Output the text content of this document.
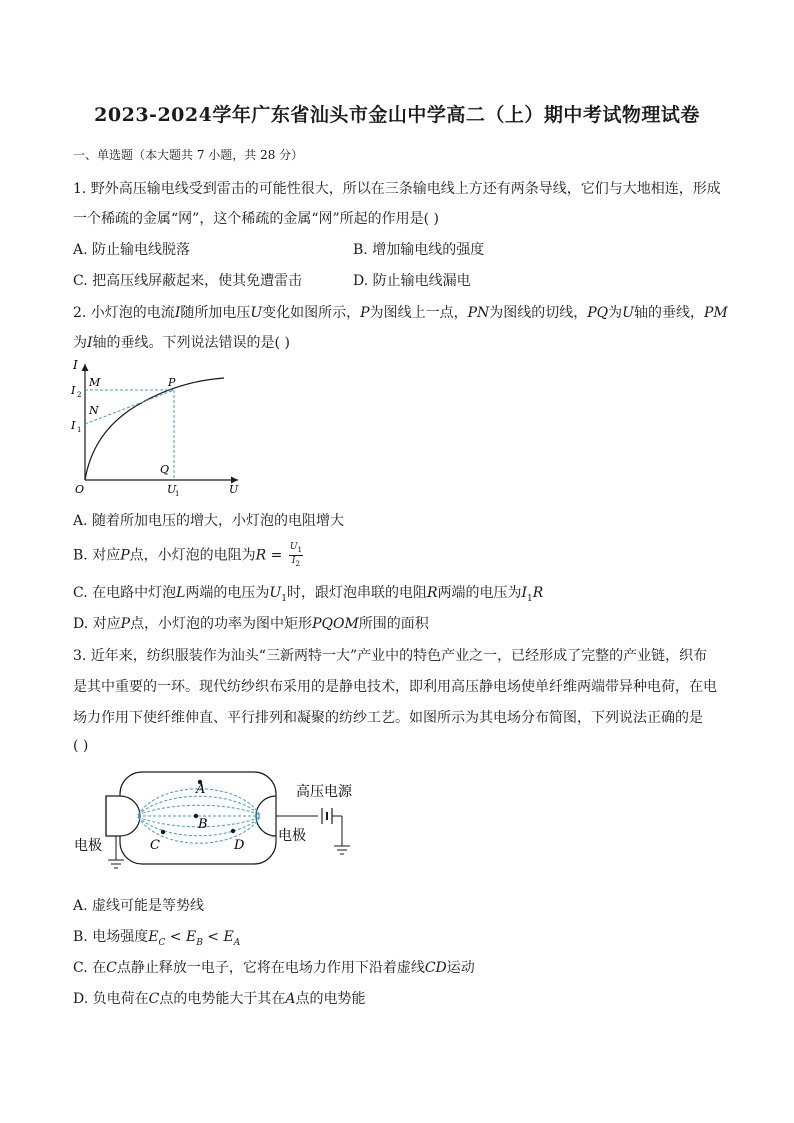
2023-2024学年广东省汕头市金山中学高二（上）期中考试物理试卷
一、单选题（本大题共 7 小题，共 28 分）
1. 野外高压输电线受到雷击的可能性很大，所以在三条输电线上方还有两条导线，它们与大地相连，形成
一个稀疏的金属“网”，这个稀疏的金属“网”所起的作用是( )
A. 防止输电线脱落	B. 增加输电线的强度
C. 把高压线屏蔽起来，使其免遭雷击	D. 防止输电线漏电
2. 小灯泡的电流I随所加电压U变化如图所示，P为图线上一点，PN为图线的切线，PQ为U轴的垂线，PM
为I轴的垂线。下列说法错误的是( )
I
I 2
I 1
M
N
P
Q
O	U
1	U
A. 随着所加电压的增大，小灯泡的电阻增大
B. 对应P点，小灯泡的电阻为$R = \frac{U_1}{I_2}$
C. 在电路中灯泡L两端的电压为$U_1$时，跟灯泡串联的电阻R两端的电压为$I_1R$
D. 对应P点，小灯泡的功率为图中矩形PQOM所围的面积
3. 近年来，纺织服装作为汕头“三新两特一大”产业中的特色产业之一，已经形成了完整的产业链，织布
是其中重要的一环。现代纺纱织布采用的是静电技术，即利用高压静电场使单纤维两端带异种电荷，在电
场力作用下使纤维伸直、平行排列和凝聚的纺纱工艺。如图所示为其电场分布简图，下列说法正确的是
( )
A
B
C	D
高压电源
电极
电极
A. 虚线可能是等势线
B. 电场强度$E_C < E_B < E_A$
C. 在C点静止释放一电子，它将在电场力作用下沿着虚线CD运动
D. 负电荷在C点的电势能大于其在A点的电势能
